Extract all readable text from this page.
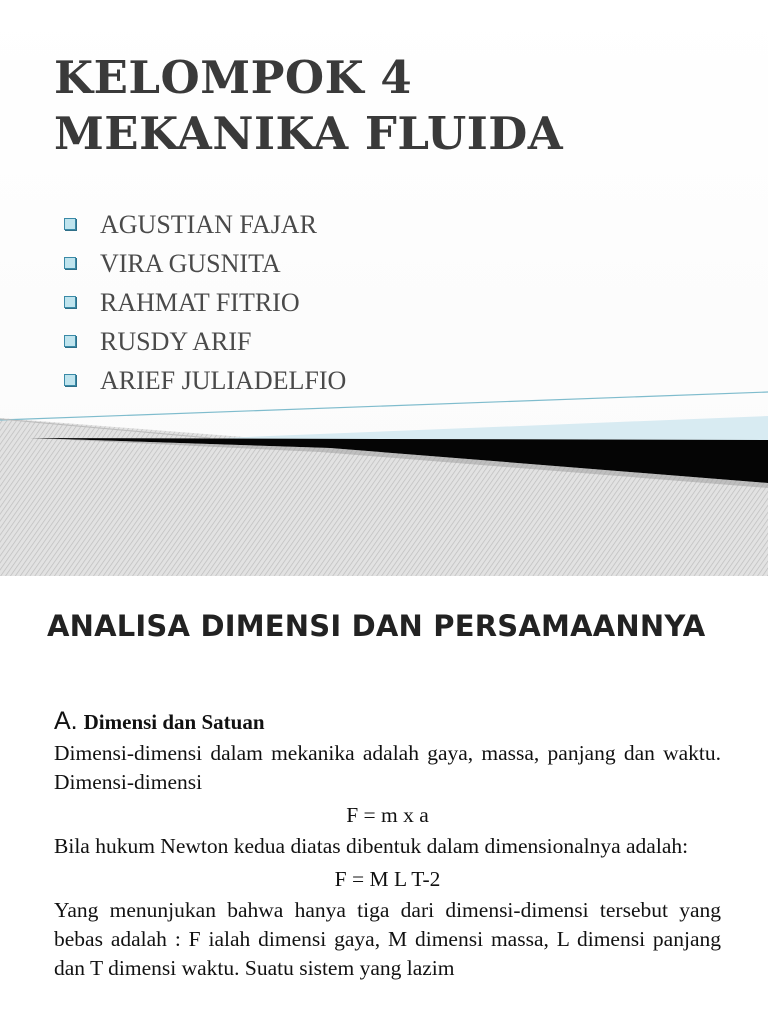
KELOMPOK 4
MEKANIKA FLUIDA
AGUSTIAN FAJAR
VIRA GUSNITA
RAHMAT FITRIO
RUSDY ARIF
ARIEF JULIADELFIO
ANALISA DIMENSI DAN PERSAMAANNYA
A. Dimensi dan Satuan

Dimensi-dimensi dalam mekanika adalah gaya, massa, panjang dan waktu. Dimensi-dimensi

F = m x a

Bila hukum Newton kedua diatas dibentuk dalam dimensionalnya adalah:

F = M L T-2

Yang menunjukan bahwa hanya tiga dari dimensi-dimensi tersebut yang bebas adalah : F ialah dimensi gaya, M dimensi massa, L dimensi panjang dan T dimensi waktu. Suatu sistem yang lazim
